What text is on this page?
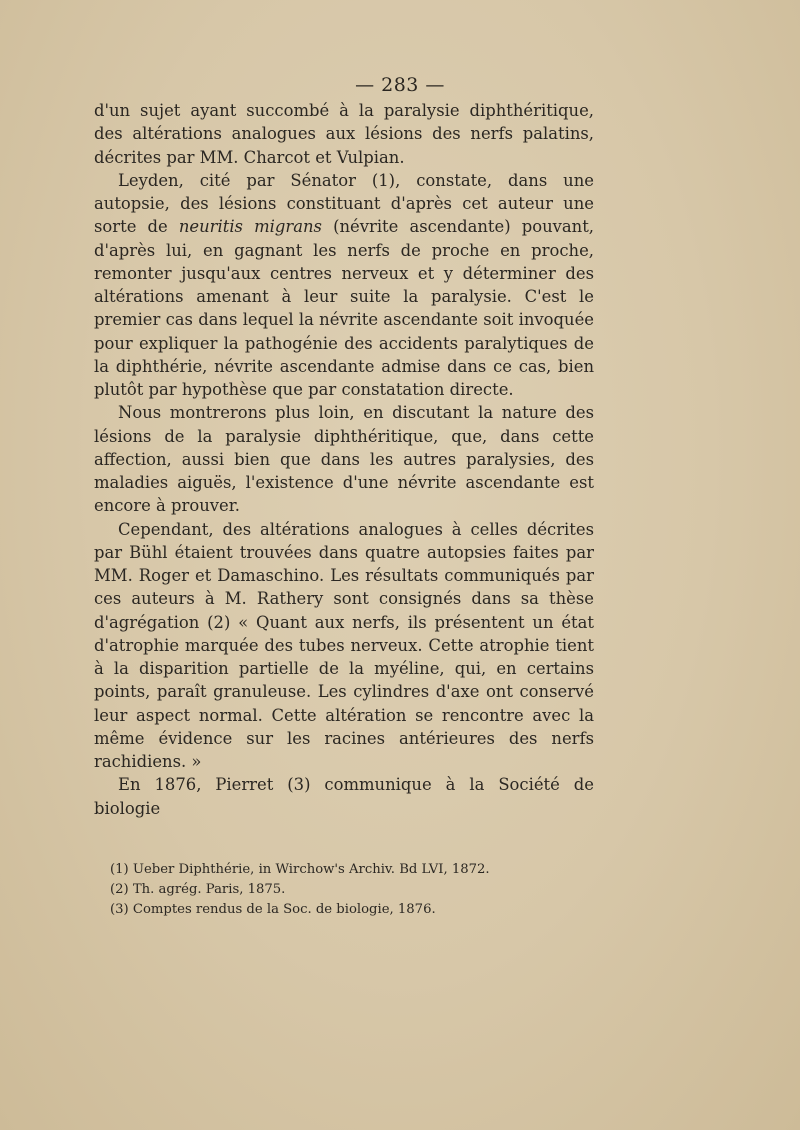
— 283 —

d'un sujet ayant succombé à la paralysie diphthéritique, des altérations analogues aux lésions des nerfs palatins, décrites par MM. Charcot et Vulpian.

Leyden, cité par Sénator (1), constate, dans une autopsie, des lésions constituant d'après cet auteur une sorte de neuritis migrans (névrite ascendante) pouvant, d'après lui, en gagnant les nerfs de proche en proche, remonter jusqu'aux centres nerveux et y déterminer des altérations amenant à leur suite la paralysie. C'est le premier cas dans lequel la névrite ascendante soit invoquée pour expliquer la pathogénie des accidents paralytiques de la diphthérie, névrite ascendante admise dans ce cas, bien plutôt par hypothèse que par constatation directe.

Nous montrerons plus loin, en discutant la nature des lésions de la paralysie diphthéritique, que, dans cette affection, aussi bien que dans les autres paralysies, des maladies aiguës, l'existence d'une névrite ascendante est encore à prouver.

Cependant, des altérations analogues à celles décrites par Bühl étaient trouvées dans quatre autopsies faites par MM. Roger et Damaschino. Les résultats communiqués par ces auteurs à M. Rathery sont consignés dans sa thèse d'agrégation (2) « Quant aux nerfs, ils présentent un état d'atrophie marquée des tubes nerveux. Cette atrophie tient à la disparition partielle de la myéline, qui, en certains points, paraît granuleuse. Les cylindres d'axe ont conservé leur aspect normal. Cette altération se rencontre avec la même évidence sur les racines antérieures des nerfs rachidiens. »

En 1876, Pierret (3) communique à la Société de biologie

(1) Ueber Diphthérie, in Wirchow's Archiv. Bd LVI, 1872.
(2) Th. agrég. Paris, 1875.
(3) Comptes rendus de la Soc. de biologie, 1876.
